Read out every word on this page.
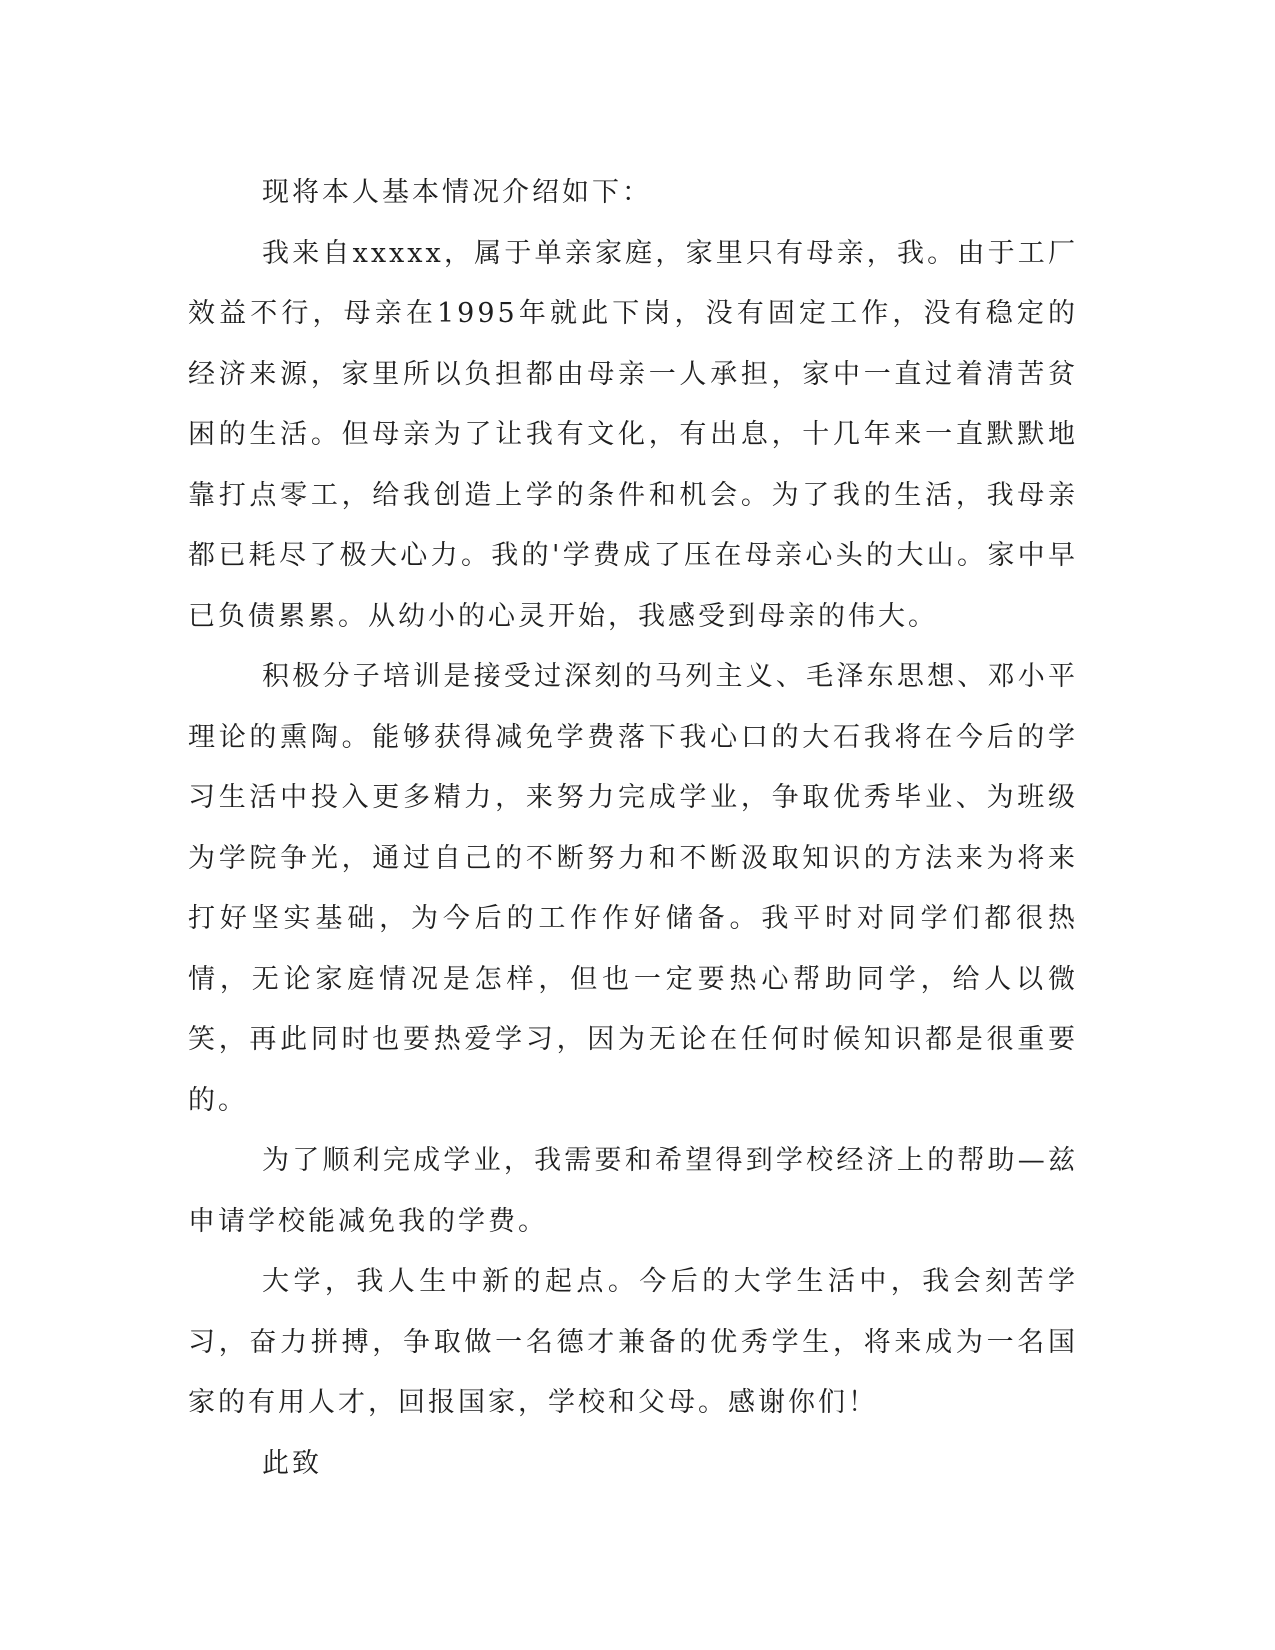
现将本人基本情况介绍如下：

我来自xxxxx，属于单亲家庭，家里只有母亲，我。由于工厂效益不行，母亲在1995年就此下岗，没有固定工作，没有稳定的经济来源，家里所以负担都由母亲一人承担，家中一直过着清苦贫困的生活。但母亲为了让我有文化，有出息，十几年来一直默默地靠打点零工，给我创造上学的条件和机会。为了我的生活，我母亲都已耗尽了极大心力。我的'学费成了压在母亲心头的大山。家中早已负债累累。从幼小的心灵开始，我感受到母亲的伟大。

积极分子培训是接受过深刻的马列主义、毛泽东思想、邓小平理论的熏陶。能够获得减免学费落下我心口的大石我将在今后的学习生活中投入更多精力，来努力完成学业，争取优秀毕业、为班级为学院争光，通过自己的不断努力和不断汲取知识的方法来为将来打好坚实基础，为今后的工作作好储备。我平时对同学们都很热情，无论家庭情况是怎样，但也一定要热心帮助同学，给人以微笑，再此同时也要热爱学习，因为无论在任何时候知识都是很重要的。

为了顺利完成学业，我需要和希望得到学校经济上的帮助—兹申请学校能减免我的学费。

大学，我人生中新的起点。今后的大学生活中，我会刻苦学习，奋力拼搏，争取做一名德才兼备的优秀学生，将来成为一名国家的有用人才，回报国家，学校和父母。感谢你们！

此致
